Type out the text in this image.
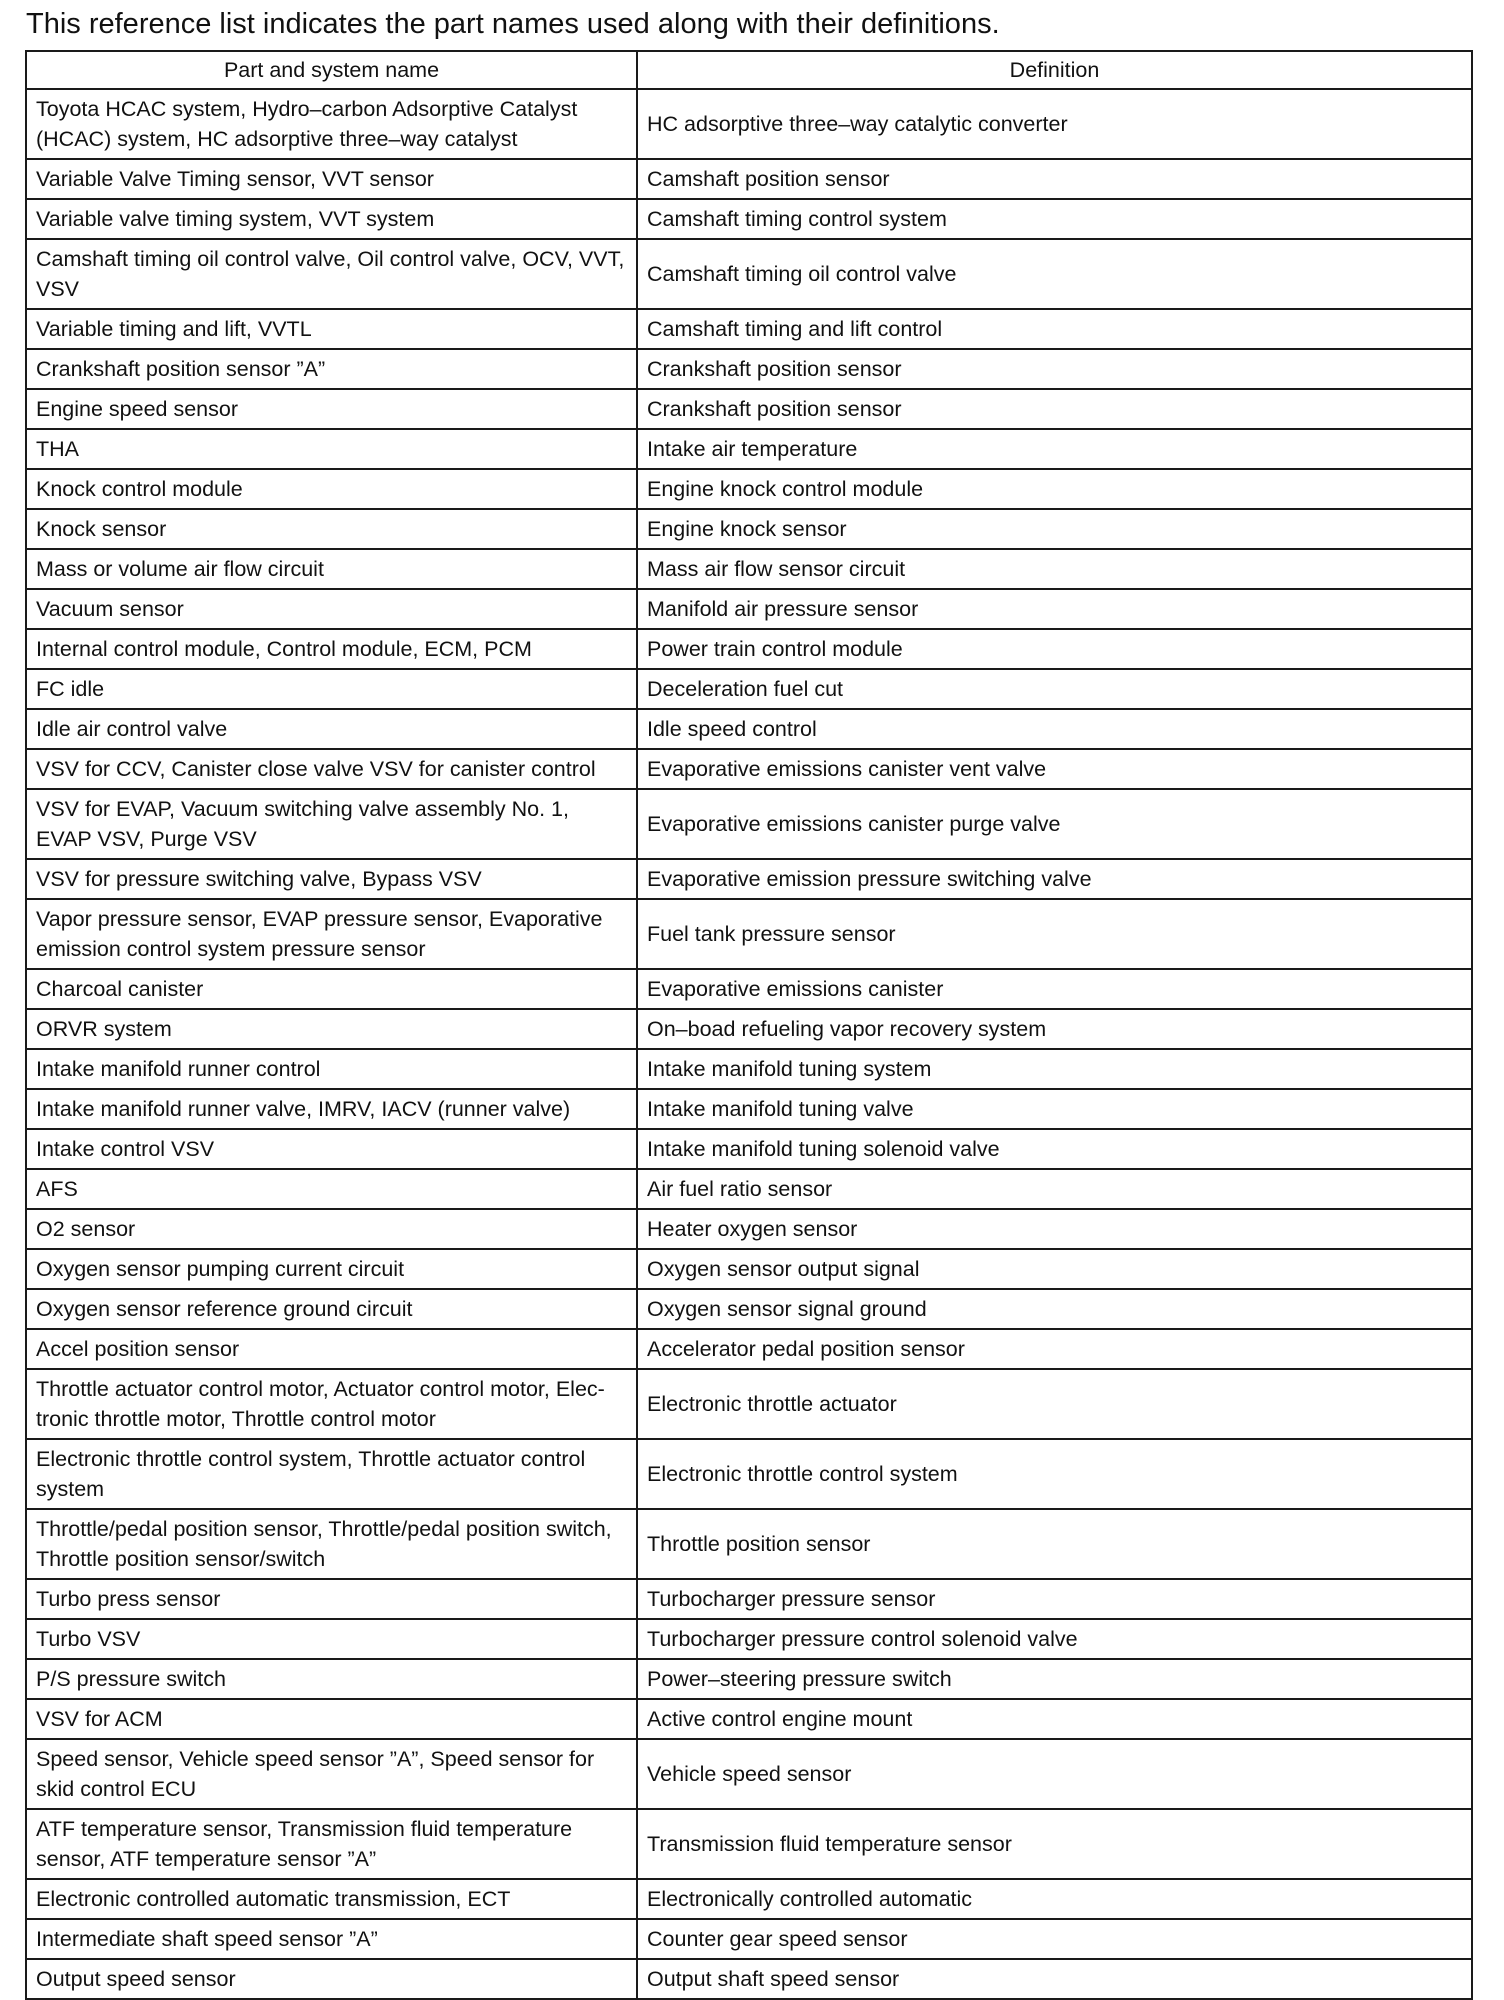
This reference list indicates the part names used along with their definitions.
Part and system name	Definition
Toyota HCAC system, Hydro–carbon Adsorptive Catalyst (HCAC) system, HC adsorptive three–way catalyst	HC adsorptive three–way catalytic converter
Variable Valve Timing sensor, VVT sensor	Camshaft position sensor
Variable valve timing system, VVT system	Camshaft timing control system
Camshaft timing oil control valve, Oil control valve, OCV, VVT, VSV	Camshaft timing oil control valve
Variable timing and lift, VVTL	Camshaft timing and lift control
Crankshaft position sensor ”A”	Crankshaft position sensor
Engine speed sensor	Crankshaft position sensor
THA	Intake air temperature
Knock control module	Engine knock control module
Knock sensor	Engine knock sensor
Mass or volume air flow circuit	Mass air flow sensor circuit
Vacuum sensor	Manifold air pressure sensor
Internal control module, Control module, ECM, PCM	Power train control module
FC idle	Deceleration fuel cut
Idle air control valve	Idle speed control
VSV for CCV, Canister close valve VSV for canister control	Evaporative emissions canister vent valve
VSV for EVAP, Vacuum switching valve assembly No. 1, EVAP VSV, Purge VSV	Evaporative emissions canister purge valve
VSV for pressure switching valve, Bypass VSV	Evaporative emission pressure switching valve
Vapor pressure sensor, EVAP pressure sensor, Evaporative emission control system pressure sensor	Fuel tank pressure sensor
Charcoal canister	Evaporative emissions canister
ORVR system	On–boad refueling vapor recovery system
Intake manifold runner control	Intake manifold tuning system
Intake manifold runner valve, IMRV, IACV (runner valve)	Intake manifold tuning valve
Intake control VSV	Intake manifold tuning solenoid valve
AFS	Air fuel ratio sensor
O2 sensor	Heater oxygen sensor
Oxygen sensor pumping current circuit	Oxygen sensor output signal
Oxygen sensor reference ground circuit	Oxygen sensor signal ground
Accel position sensor	Accelerator pedal position sensor
Throttle actuator control motor, Actuator control motor, Elec- tronic throttle motor, Throttle control motor	Electronic throttle actuator
Electronic throttle control system, Throttle actuator control system	Electronic throttle control system
Throttle/pedal position sensor, Throttle/pedal position switch, Throttle position sensor/switch	Throttle position sensor
Turbo press sensor	Turbocharger pressure sensor
Turbo VSV	Turbocharger pressure control solenoid valve
P/S pressure switch	Power–steering pressure switch
VSV for ACM	Active control engine mount
Speed sensor, Vehicle speed sensor ”A”, Speed sensor for skid control ECU	Vehicle speed sensor
ATF temperature sensor, Transmission fluid temperature sensor, ATF temperature sensor ”A”	Transmission fluid temperature sensor
Electronic controlled automatic transmission, ECT	Electronically controlled automatic
Intermediate shaft speed sensor ”A”	Counter gear speed sensor
Output speed sensor	Output shaft speed sensor
